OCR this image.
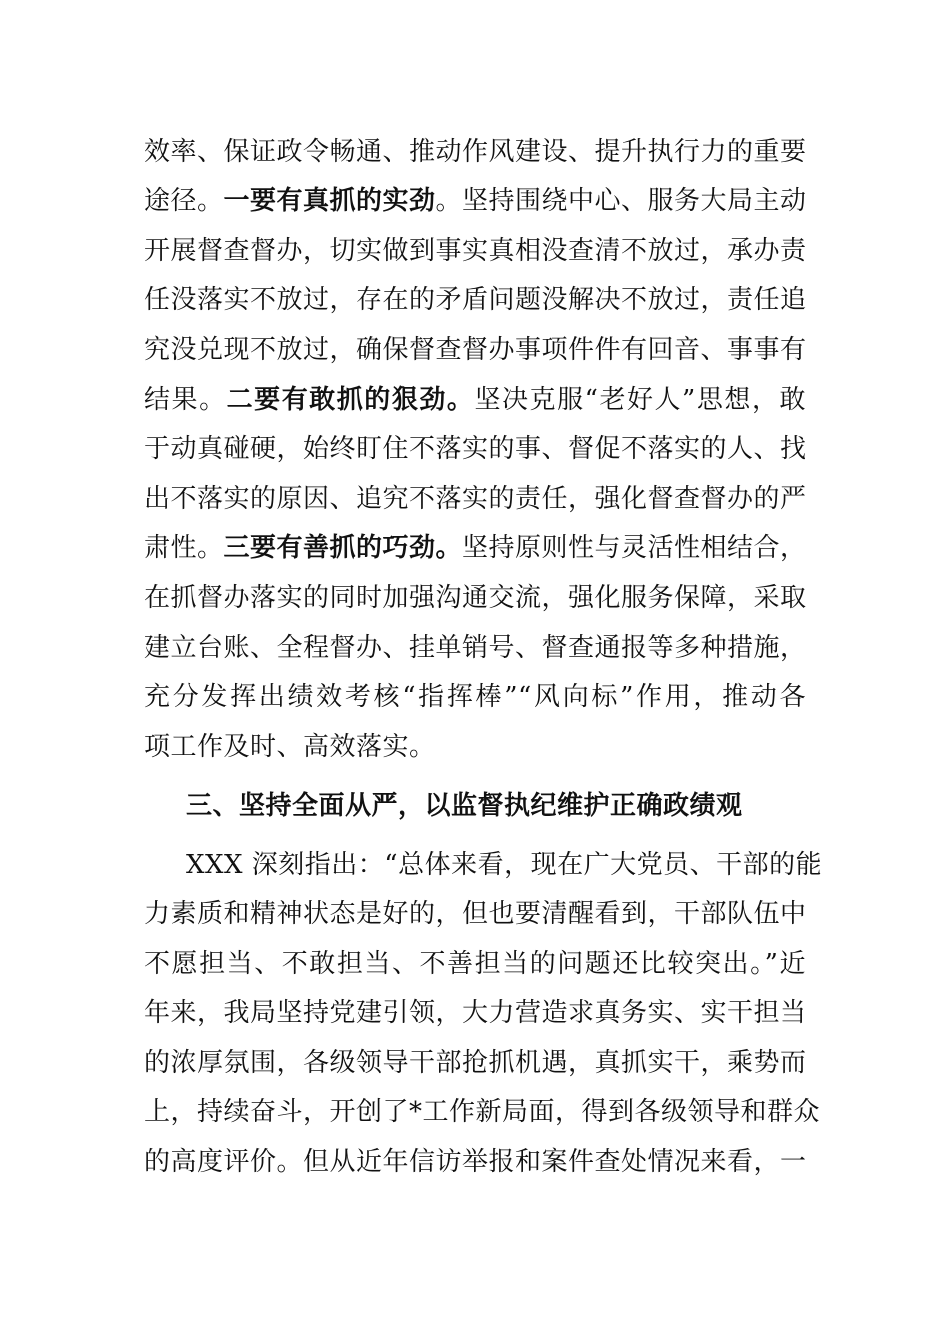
效率、保证政令畅通、推动作风建设、提升执行力的重要
途径。一要有真抓的实劲。坚持围绕中心、服务大局主动
开展督查督办，切实做到事实真相没查清不放过，承办责
任没落实不放过，存在的矛盾问题没解决不放过，责任追
究没兑现不放过，确保督查督办事项件件有回音、事事有
结果。二要有敢抓的狠劲。坚决克服“老好人”思想，敢
于动真碰硬，始终盯住不落实的事、督促不落实的人、找
出不落实的原因、追究不落实的责任，强化督查督办的严
肃性。三要有善抓的巧劲。坚持原则性与灵活性相结合，
在抓督办落实的同时加强沟通交流，强化服务保障，采取
建立台账、全程督办、挂单销号、督查通报等多种措施，
充分发挥出绩效考核“指挥棒”“风向标”作用，推动各
项工作及时、高效落实。
三、坚持全面从严，以监督执纪维护正确政绩观
XXX 深刻指出：“总体来看，现在广大党员、干部的能
力素质和精神状态是好的，但也要清醒看到，干部队伍中
不愿担当、不敢担当、不善担当的问题还比较突出。”近
年来，我局坚持党建引领，大力营造求真务实、实干担当
的浓厚氛围，各级领导干部抢抓机遇，真抓实干，乘势而
上，持续奋斗，开创了*工作新局面，得到各级领导和群众
的高度评价。但从近年信访举报和案件查处情况来看，一
